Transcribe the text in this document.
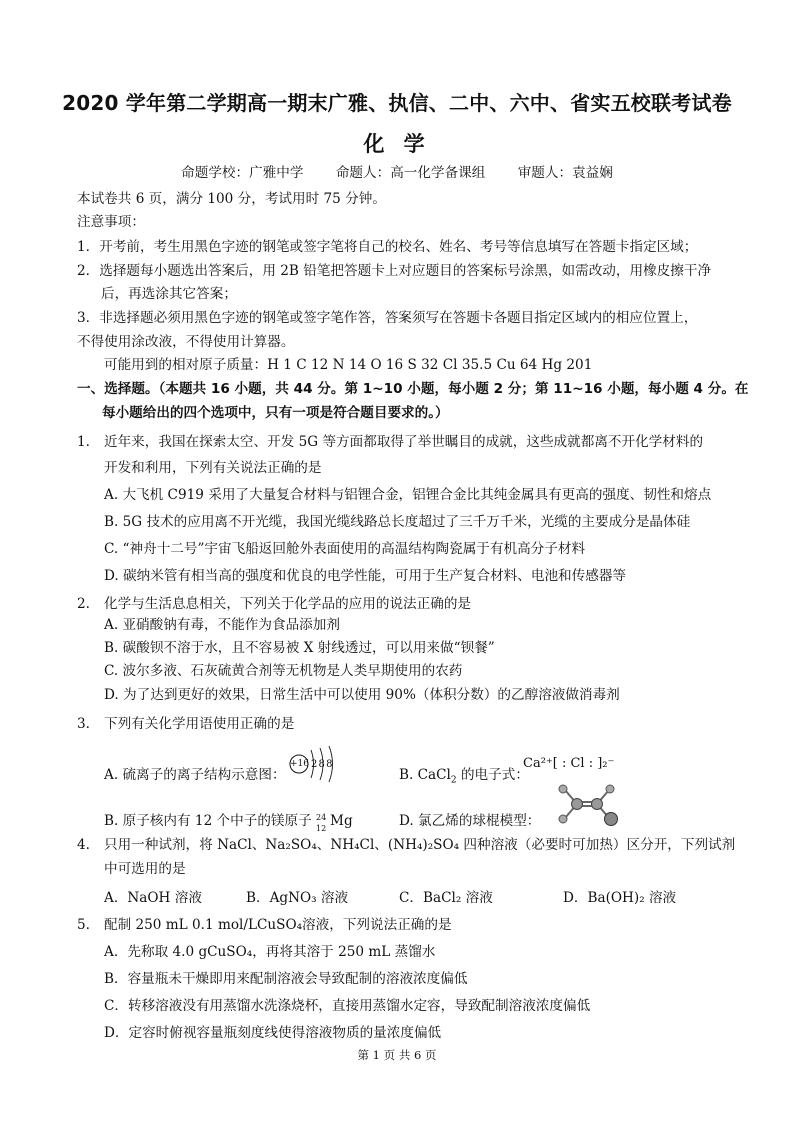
2020 学年第二学期高一期末广雅、执信、二中、六中、省实五校联考试卷
化 学
命题学校：广雅中学 命题人：高一化学备课组 审题人：袁益娴
本试卷共 6 页，满分 100 分，考试用时 75 分钟。
注意事项：
1．开考前，考生用黑色字迹的钢笔或签字笔将自己的校名、姓名、考号等信息填写在答题卡指定区域；
2．选择题每小题选出答案后，用 2B 铅笔把答题卡上对应题目的答案标号涂黑，如需改动，用橡皮擦干净
后，再选涂其它答案；
3．非选择题必须用黑色字迹的钢笔或签字笔作答，答案须写在答题卡各题目指定区域内的相应位置上，
不得使用涂改液，不得使用计算器。
可能用到的相对原子质量：H 1 C 12 N 14 O 16 S 32 Cl 35.5 Cu 64 Hg 201
一、选择题。（本题共 16 小题，共 44 分。第 1~10 小题，每小题 2 分；第 11~16 小题，每小题 4 分。在
每小题给出的四个选项中，只有一项是符合题目要求的。）
1. 近年来，我国在探索太空、开发 5G 等方面都取得了举世瞩目的成就，这些成就都离不开化学材料的
开发和利用，下列有关说法正确的是
A. 大飞机 C919 采用了大量复合材料与铝锂合金，铝锂合金比其纯金属具有更高的强度、韧性和熔点
B. 5G 技术的应用离不开光缆，我国光缆线路总长度超过了三千万千米，光缆的主要成分是晶体硅
C. “神舟十二号”宇宙飞船返回舱外表面使用的高温结构陶瓷属于有机高分子材料
D. 碳纳米管有相当高的强度和优良的电学性能，可用于生产复合材料、电池和传感器等
2. 化学与生活息息相关，下列关于化学品的应用的说法正确的是
A. 亚硝酸钠有毒，不能作为食品添加剂
B. 碳酸钡不溶于水，且不容易被 X 射线透过，可以用来做“钡餐”
C. 波尔多液、石灰硫黄合剂等无机物是人类早期使用的农药
D. 为了达到更好的效果，日常生活中可以使用 90%（体积分数）的乙醇溶液做消毒剂
3. 下列有关化学用语使用正确的是
A. 硫离子的离子结构示意图：
+16 2 8 8
B. CaCl$_2$ 的电子式：
Ca²⁺[ : Cl : ]₂⁻
B. 原子核内有 12 个中子的镁原子 24
12 Mg	D. 氯乙烯的球棍模型：
4. 只用一种试剂，将 NaCl、Na₂SO₄、NH₄Cl、(NH₄)₂SO₄ 四种溶液（必要时可加热）区分开，下列试剂
中可选用的是
A．NaOH 溶液	B．AgNO₃ 溶液	C．BaCl₂ 溶液	D．Ba(OH)₂ 溶液
5. 配制 250 mL 0.1 mol/LCuSO₄溶液，下列说法正确的是
A．先称取 4.0 gCuSO₄，再将其溶于 250 mL 蒸馏水
B．容量瓶未干燥即用来配制溶液会导致配制的溶液浓度偏低
C．转移溶液没有用蒸馏水洗涤烧杯，直接用蒸馏水定容，导致配制溶液浓度偏低
D．定容时俯视容量瓶刻度线使得溶液物质的量浓度偏低
第 1 页 共 6 页
